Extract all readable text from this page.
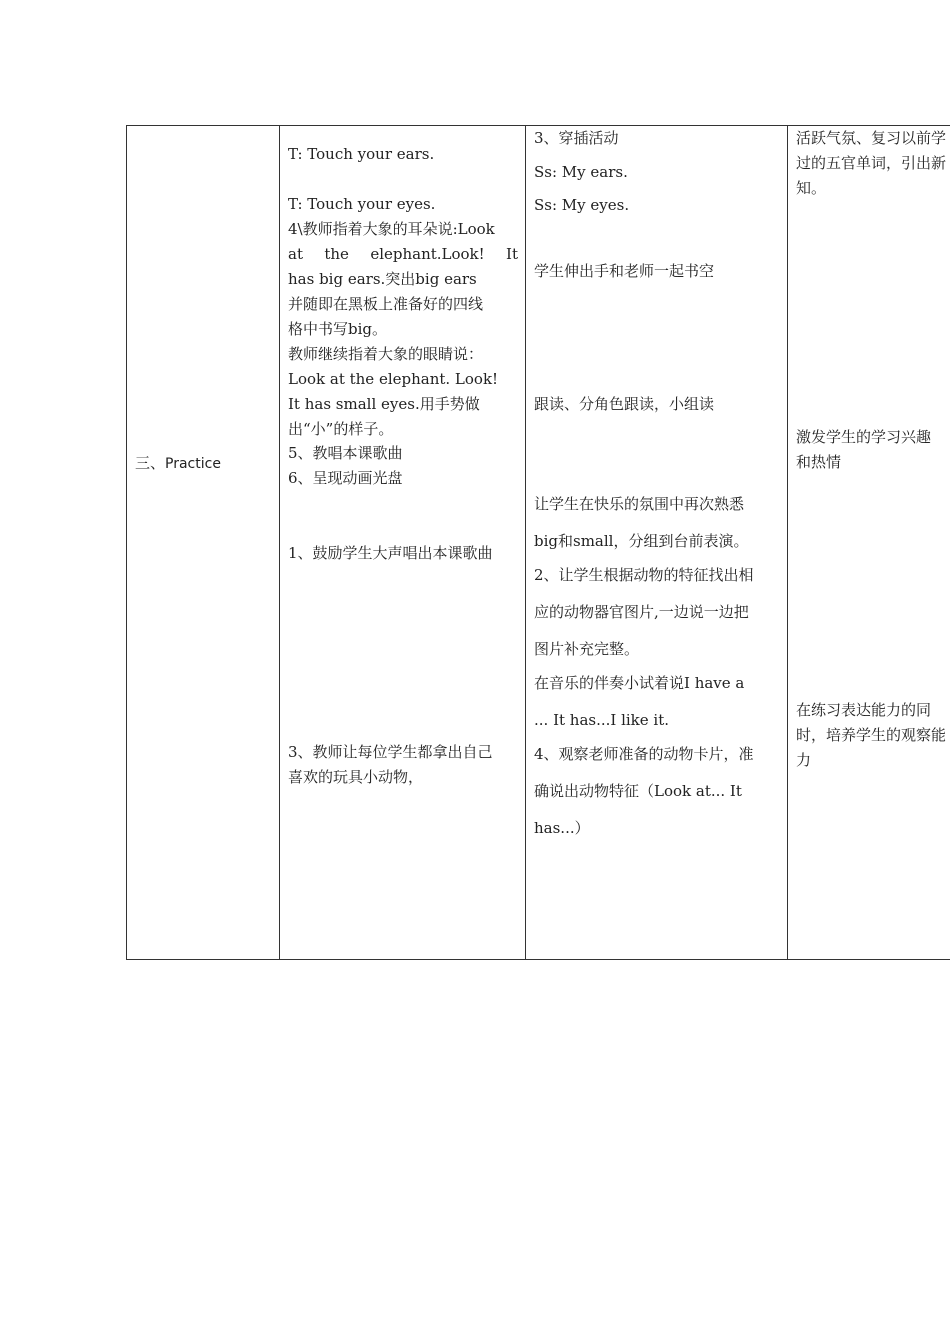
三、Practice
T: Touch your ears.
T: Touch your eyes.
4\教师指着大象的耳朵说:Look
at the elephant.Look! It
has big ears.突出big ears
并随即在黑板上准备好的四线
格中书写big。
教师继续指着大象的眼睛说：
Look at the elephant. Look!
It has small eyes.用手势做
出“小”的样子。
5、教唱本课歌曲
6、呈现动画光盘
1、鼓励学生大声唱出本课歌曲
3、教师让每位学生都拿出自己
喜欢的玩具小动物，
3、穿插活动
Ss: My ears.
Ss: My eyes.
学生伸出手和老师一起书空
跟读、分角色跟读，小组读
让学生在快乐的氛围中再次熟悉
big和small，分组到台前表演。
2、让学生根据动物的特征找出相
应的动物器官图片,一边说一边把
图片补充完整。
在音乐的伴奏小试着说I have a
... It has...I like it.
4、观察老师准备的动物卡片，准
确说出动物特征（Look at... It
has...）
活跃气氛、复习以前学
过的五官单词，引出新
知。
激发学生的学习兴趣
和热情
在练习表达能力的同
时，培养学生的观察能
力
